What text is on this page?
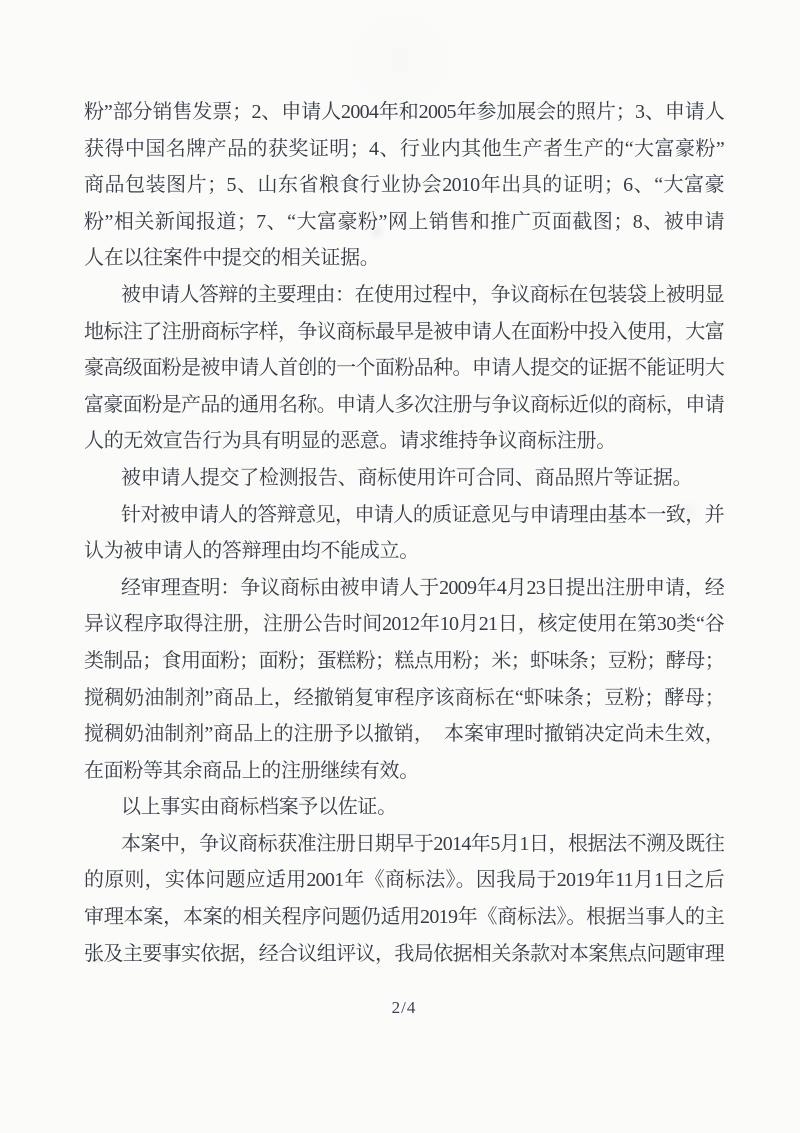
粉”部分销售发票；2、申请人2004年和2005年参加展会的照片；3、申请人
获得中国名牌产品的获奖证明；4、行业内其他生产者生产的“大富豪粉”
商品包装图片；5、山东省粮食行业协会2010年出具的证明；6、“大富豪
粉”相关新闻报道；7、“大富豪粉”网上销售和推广页面截图；8、被申请
人在以往案件中提交的相关证据。
被申请人答辩的主要理由：在使用过程中，争议商标在包装袋上被明显
地标注了注册商标字样，争议商标最早是被申请人在面粉中投入使用，大富
豪高级面粉是被申请人首创的一个面粉品种。申请人提交的证据不能证明大
富豪面粉是产品的通用名称。申请人多次注册与争议商标近似的商标，申请
人的无效宣告行为具有明显的恶意。请求维持争议商标注册。
被申请人提交了检测报告、商标使用许可合同、商品照片等证据。
针对被申请人的答辩意见，申请人的质证意见与申请理由基本一致，并
认为被申请人的答辩理由均不能成立。
经审理查明：争议商标由被申请人于2009年4月23日提出注册申请，经
异议程序取得注册，注册公告时间2012年10月21日，核定使用在第30类“谷
类制品；食用面粉；面粉；蛋糕粉；糕点用粉；米；虾味条；豆粉；酵母；
搅稠奶油制剂”商品上，经撤销复审程序该商标在“虾味条；豆粉；酵母；
搅稠奶油制剂”商品上的注册予以撤销，　本案审理时撤销决定尚未生效，
在面粉等其余商品上的注册继续有效。
以上事实由商标档案予以佐证。
本案中，争议商标获准注册日期早于2014年5月1日，根据法不溯及既往
的原则，实体问题应适用2001年《商标法》。因我局于2019年11月1日之后
审理本案，本案的相关程序问题仍适用2019年《商标法》。根据当事人的主
张及主要事实依据，经合议组评议，我局依据相关条款对本案焦点问题审理
2/4
